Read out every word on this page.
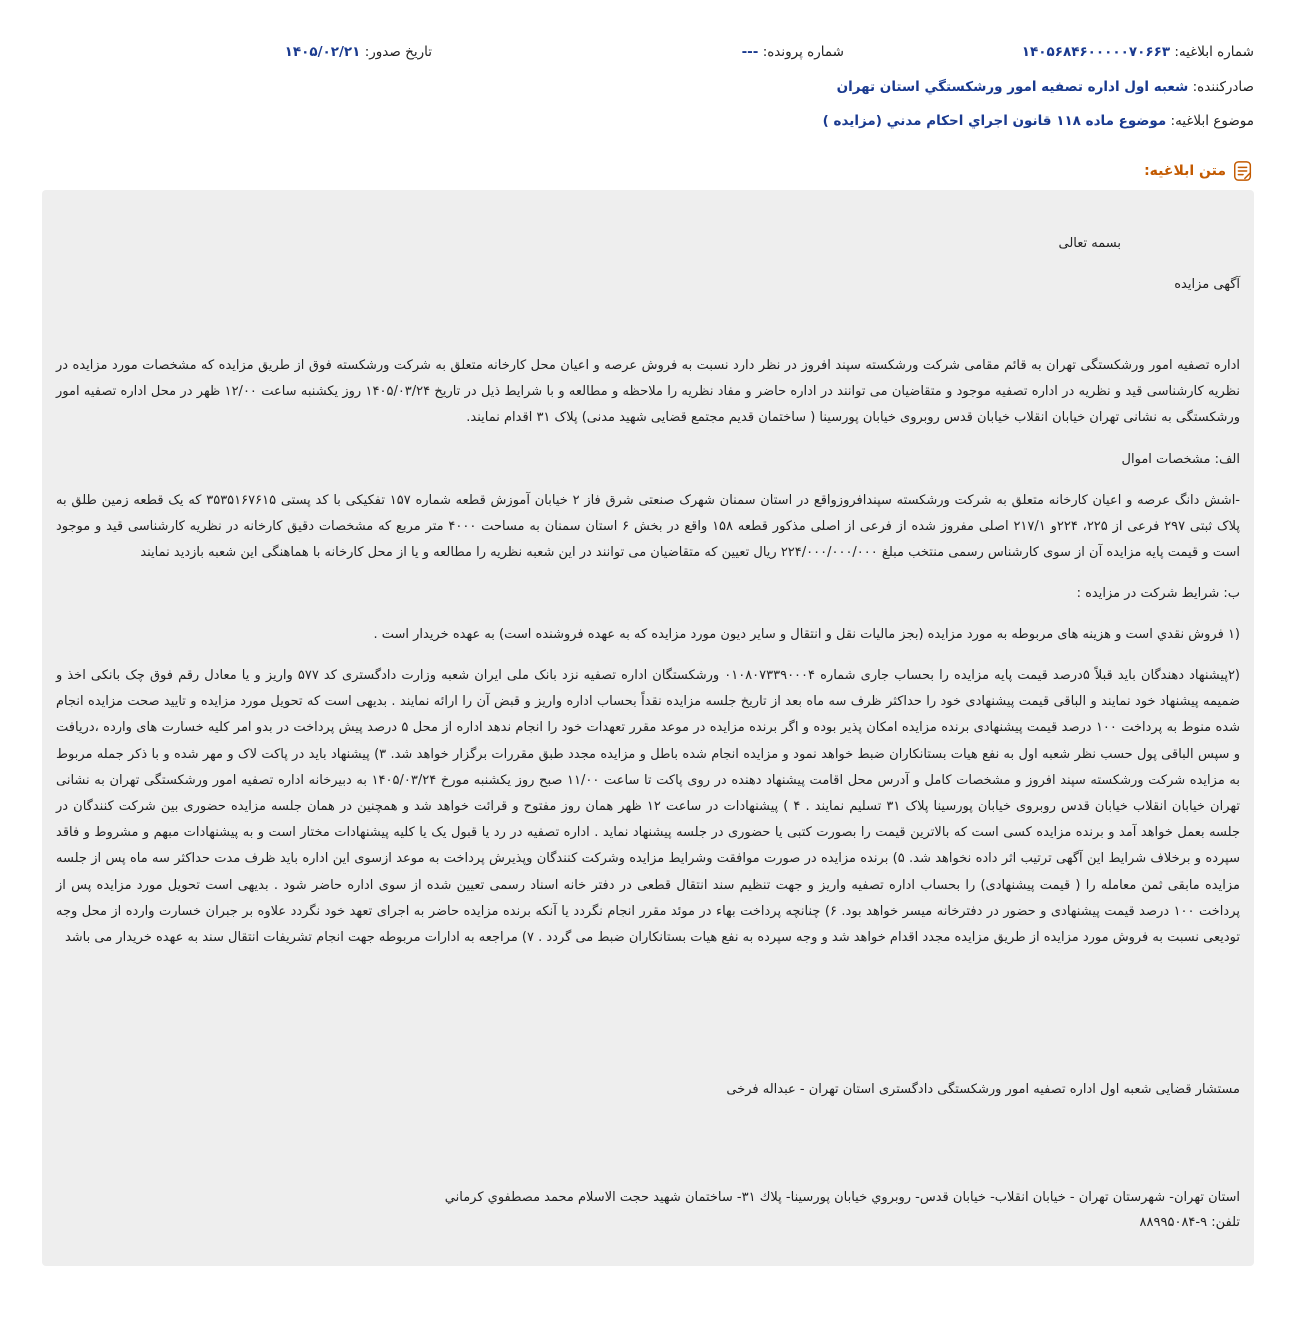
شماره ابلاغیه: ۱۴۰۵۶۸۴۶۰۰۰۰۰۷۰۶۶۳
شماره پرونده: ---
تاریخ صدور: ۱۴۰۵/۰۲/۲۱
صادرکننده: شعبه اول اداره تصفیه امور ورشکستگي استان تهران
موضوع ابلاغیه: موضوع ماده ۱۱۸ قانون اجراي احكام مدني (مزايده )
متن ابلاغیه:
بسمه تعالی
آگهی مزایده
اداره تصفیه امور ورشکستگی تهران به قائم مقامی شرکت ورشکسته سپند افروز در نظر دارد نسبت به فروش عرصه و اعیان محل کارخانه متعلق به شرکت ورشکسته فوق از طریق مزایده که مشخصات مورد مزایده در نظریه کارشناسی قید و نظریه در اداره تصفیه موجود و متقاضیان می توانند در اداره حاضر و مفاد نظریه را ملاحظه و مطالعه و با شرایط ذیل در تاریخ ۱۴۰۵/۰۳/۲۴ روز یکشنبه ساعت ۱۲/۰۰ ظهر در محل اداره تصفیه امور ورشکستگی به نشانی تهران خیابان انقلاب خیابان قدس روبروی خیابان پورسینا ( ساختمان قدیم مجتمع قضایی شهید مدنی) پلاک ۳۱ اقدام نمایند.
الف: مشخصات اموال
-اشش دانگ عرصه و اعیان کارخانه متعلق به شرکت ورشکسته سپندافروزواقع در استان سمنان شهرک صنعتی شرق فاز ۲ خیابان آموزش قطعه شماره ۱۵۷ تفکیکی با کد پستی ۳۵۳۵۱۶۷۶۱۵ که یک قطعه زمین طلق به پلاک ثبتی ۲۹۷ فرعی از ۲۲۵، ۲۲۴و ۲۱۷/۱ اصلی مفروز شده از فرعی از اصلی مذکور قطعه ۱۵۸ واقع در بخش ۶ استان سمنان به مساحت ۴۰۰۰ متر مربع که مشخصات دقیق کارخانه در نظریه کارشناسی قید و موجود است و قیمت پایه مزایده آن از سوی کارشناس رسمی منتخب مبلغ ۲۲۴/۰۰۰/۰۰۰/۰۰۰ ریال تعیین که متقاضیان می توانند در این شعبه نظریه را مطالعه و یا از محل کارخانه با هماهنگی این شعبه بازدید نمایند
ب: شرایط شرکت در مزایده :
(۱ فروش نقدي است و هزینه های مربوطه به مورد مزایده (بجز مالیات نقل و انتقال و سایر دیون مورد مزایده که به عهده فروشنده است) به عهده خریدار است .
(۲پیشنهاد دهندگان باید قبلاً ۵درصد قیمت پایه مزایده را بحساب جاری شماره ۰۱۰۸۰۷۳۳۹۰۰۰۴ ورشکستگان اداره تصفیه نزد بانک ملی ایران شعبه وزارت دادگستری کد ۵۷۷ واریز و یا معادل رقم فوق چک بانکی اخذ و ضمیمه پیشنهاد خود نمایند و الباقی قیمت پیشنهادی خود را حداکثر ظرف سه ماه بعد از تاریخ جلسه مزایده نقداً بحساب اداره واریز و قبض آن را ارائه نمایند . بدیهی است که تحویل مورد مزایده و تایید صحت مزایده انجام شده منوط به پرداخت ۱۰۰ درصد قیمت پیشنهادی برنده مزایده امکان پذیر بوده و اگر برنده مزایده در موعد مقرر تعهدات خود را انجام ندهد اداره از محل ۵ درصد پیش پرداخت در بدو امر کلیه خسارت های وارده ،دریافت و سپس الباقی پول حسب نظر شعبه اول به نفع هیات بستانکاران ضبط خواهد نمود و مزایده انجام شده باطل و مزایده مجدد طبق مقررات برگزار خواهد شد. ۳) پیشنهاد باید در پاکت لاک و مهر شده و با ذکر جمله مربوط به مزایده شرکت ورشکسته سپند افروز و مشخصات کامل و آدرس محل اقامت پیشنهاد دهنده در روی پاکت تا ساعت ۱۱/۰۰ صبح روز یکشنبه مورخ ۱۴۰۵/۰۳/۲۴ به دبیرخانه اداره تصفیه امور ورشکستگی تهران به نشانی تهران خیابان انقلاب خیابان قدس روبروی خیابان پورسینا پلاک ۳۱ تسلیم نمایند . ۴ ) پیشنهادات در ساعت ۱۲ ظهر همان روز مفتوح و قرائت خواهد شد و همچنین در همان جلسه مزایده حضوری بین شرکت کنندگان در جلسه بعمل خواهد آمد و برنده مزایده کسی است که بالاترین قیمت را بصورت کتبی یا حضوری در جلسه پیشنهاد نماید . اداره تصفیه در رد یا قبول یک یا کلیه پیشنهادات مختار است و به پیشنهادات مبهم و مشروط و فاقد سپرده و برخلاف شرایط این آگهی ترتیب اثر داده نخواهد شد. ۵) برنده مزایده در صورت موافقت وشرایط مزایده وشرکت کنندگان وپذیرش پرداخت به موعد ازسوی این اداره باید ظرف مدت حداکثر سه ماه پس از جلسه مزایده مابقی ثمن معامله را ( قیمت پیشنهادی) را بحساب اداره تصفیه واریز و جهت تنظیم سند انتقال قطعی در دفتر خانه اسناد رسمی تعیین شده از سوی اداره حاضر شود . بدیهی است تحویل مورد مزایده پس از پرداخت ۱۰۰ درصد قیمت پیشنهادی و حضور در دفترخانه میسر خواهد بود. ۶) چنانچه پرداخت بهاء در موئد مقرر انجام نگردد یا آنکه برنده مزایده حاضر به اجرای تعهد خود نگردد علاوه بر جبران خسارت وارده از محل وجه تودیعی نسبت به فروش مورد مزایده از طریق مزایده مجدد اقدام خواهد شد و وجه سپرده به نفع هیات بستانکاران ضبط می گردد . ۷) مراجعه به ادارات مربوطه جهت انجام تشریفات انتقال سند به عهده خریدار می باشد
مستشار قضایی شعبه اول اداره تصفیه امور ورشکستگی دادگستری استان تهران - عبداله فرخی
استان تهران- شهرستان تهران - خيابان انقلاب- خيابان قدس- روبروي خيابان پورسينا- پلاك ٣١- ساختمان شهيد حجت الاسلام محمد مصطفوي كرماني
تلفن: ۹-۸۸۹۹۵۰۸۴
